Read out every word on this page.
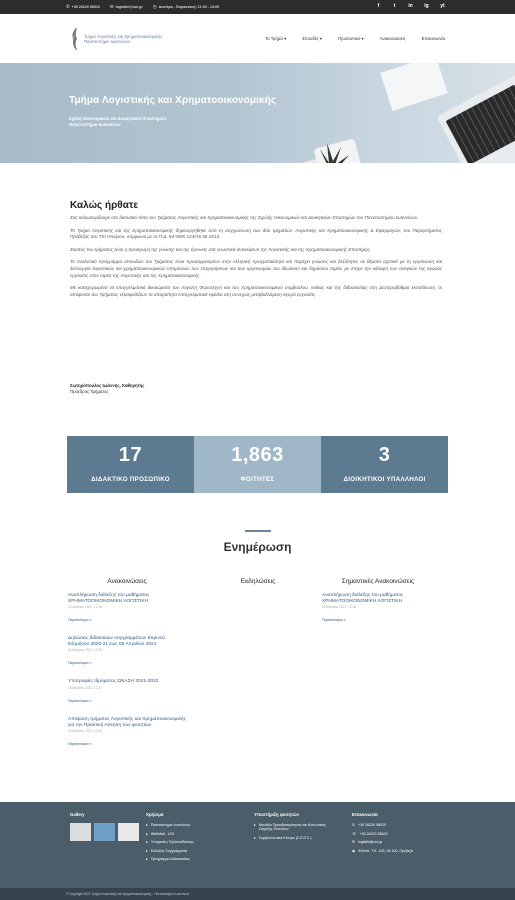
✆ +30 26220 58510 ✉ logistiki@uoi.gr ◷ Δευτέρα - Παρασκευή: 11:00 - 13:00	f	t	in ig yt
Τμήμα Λογιστικής και Χρηματοοικονομικής
Πανεπιστήμιο Ιωαννίνων
Το Τμήμα ▾	Σπουδές ▾	Προσωπικό ▾	Ανακοινώσεις	Επικοινωνία
Τμήμα Λογιστικής και Χρηματοοικονομικής
Σχολή Οικονομικών και Διοικητικών Επιστημών
Πανεπιστήμιο Ιωαννίνων
Καλώς ήρθατε

Σας καλωσορίζουμε στο δικτυακό τόπο του Τμήματος Λογιστικής και Χρηματοοικονομικής της Σχολής Οικονομικών και Διοικητικών Επιστημών του Πανεπιστημίου Ιωαννίνων.

Το Τμήμα Λογιστικής και της Χρηματοοικονομικής δημιουργήθηκε από τη συγχώνευση των δύο τμημάτων, Λογιστικής και Χρηματοοικονομικής & Εφαρμογών, του Παραρτήματος Πρέβεζας του ΤΕΙ Ηπείρου, σύμφωνα με το Π.Δ. 84 ΦΕΚ 124/Α5 06 2013.

Σκοπός του τμήματος είναι η προαγωγή της γνώσης και της έρευνας στα γνωστικά αντικείμενα της Λογιστικής και της Χρηματοοικονομικής Επιστήμης.

Το αναλυτικό πρόγραμμα σπουδών του Τμήματος είναι προσαρμοσμένο στην ελληνική πραγματικότητα και παρέχει γνώσεις και δεξιότητες σε θέματα σχετικά με τη οργάνωση και λειτουργία λογιστικών και χρηματοοικονομικών υπηρεσιών των επιχειρήσεων και των οργανισμών του ιδιωτικού και δημόσιου τομέα, με στόχο την κάλυψη των αναγκών της αγοράς εργασίας στον τομέα της Λογιστικής και της Χρηματοοικονομικής.

Με κατοχυρωμένα τα επαγγελματικά δικαιώματα του Λογιστή Φοροτέχνη και του Χρηματοοικονομικού συμβούλου, καθώς και της διδασκαλίας στη Δευτεροβάθμια εκπαίδευση, οι απόφοιτοι του Τμήματος εξασφαλίζουν τα απαραίτητα επαγγελματικά εφόδια στη συνεχώς μεταβαλλόμενη αγορά εργασίας.

Σωτηρόπουλος Ιωάννης, Καθηγητής
Πρόεδρος Τμήματος
17
ΔΙΔΑΚΤΙΚΟ ΠΡΟΣΩΠΙΚΟ
1,863
ΦΟΙΤΗΤΕΣ
3
ΔΙΟΙΚΗΤΙΚΟΙ ΥΠΑΛΛΗΛΟΙ
Ενημέρωση
Ανακοινώσεις
Αναπλήρωση διάλεξης του μαθήματος ΧΡΗΜΑΤΟΟΙΚΟΝΟΜΙΚΗ ΛΟΓΙΣΤΙΚΗ
23 Μαρτίου 2021, 12:18
Περισσότερα »
Δηλώσεις διδακτικών συγγραμμάτων Εαρινού Εξαμήνου 2020-21 έως 05 Απριλίου 2021
22 Μαρτίου 2021, 11:35
Περισσότερα »
Υποτροφίες Ιδρύματος ΩΝΑΣΗ 2021-2022
18 Μαρτίου 2021, 13:10
Περισσότερα »
Απόφαση τμήματος Λογιστικής και Χρηματοοικονομικής για την Πρακτική Άσκηση των φοιτητών
16 Μαρτίου 2021, 11:05
Περισσότερα »
Εκδηλώσεις	Σημαντικές Ανακοινώσεις
Αναπλήρωση διάλεξης του μαθήματος ΧΡΗΜΑΤΟΟΙΚΟΝΟΜΙΚΗ ΛΟΓΙΣΤΙΚΗ
23 Μαρτίου 2021, 12:18
Περισσότερα »
Gallery	Χρήσιμα
▸ Πανεπιστήμιο Ιωαννίνων
▸ WebMail - UOI
▸ Υπηρεσίες Τηλ/κπαίδευσης
▸ Εύδοξος Συγγράμματα
▸ Πρόγραμμα Διδασκαλίας
Υποστήριξη φοιτητών
▸ Μονάδα Προσβασιμότητας και Κοινωνικής Στήριξης Φοιτητών
▸ Συμβουλευτικό Κέντρο (Σ.Ε.Π.Σ.)
Επικοινωνία
✆ +30 26220 58510
☏ +30 26220 58520
✉ logistiki@uoi.gr
◉ Φιλίππ. Τ.Κ. 109, 48 100, Πρέβεζα
© Copyright 2021 Τμήμα Λογιστικής και Χρηματοοικονομικής - Πανεπιστήμιο Ιωαννίνων
